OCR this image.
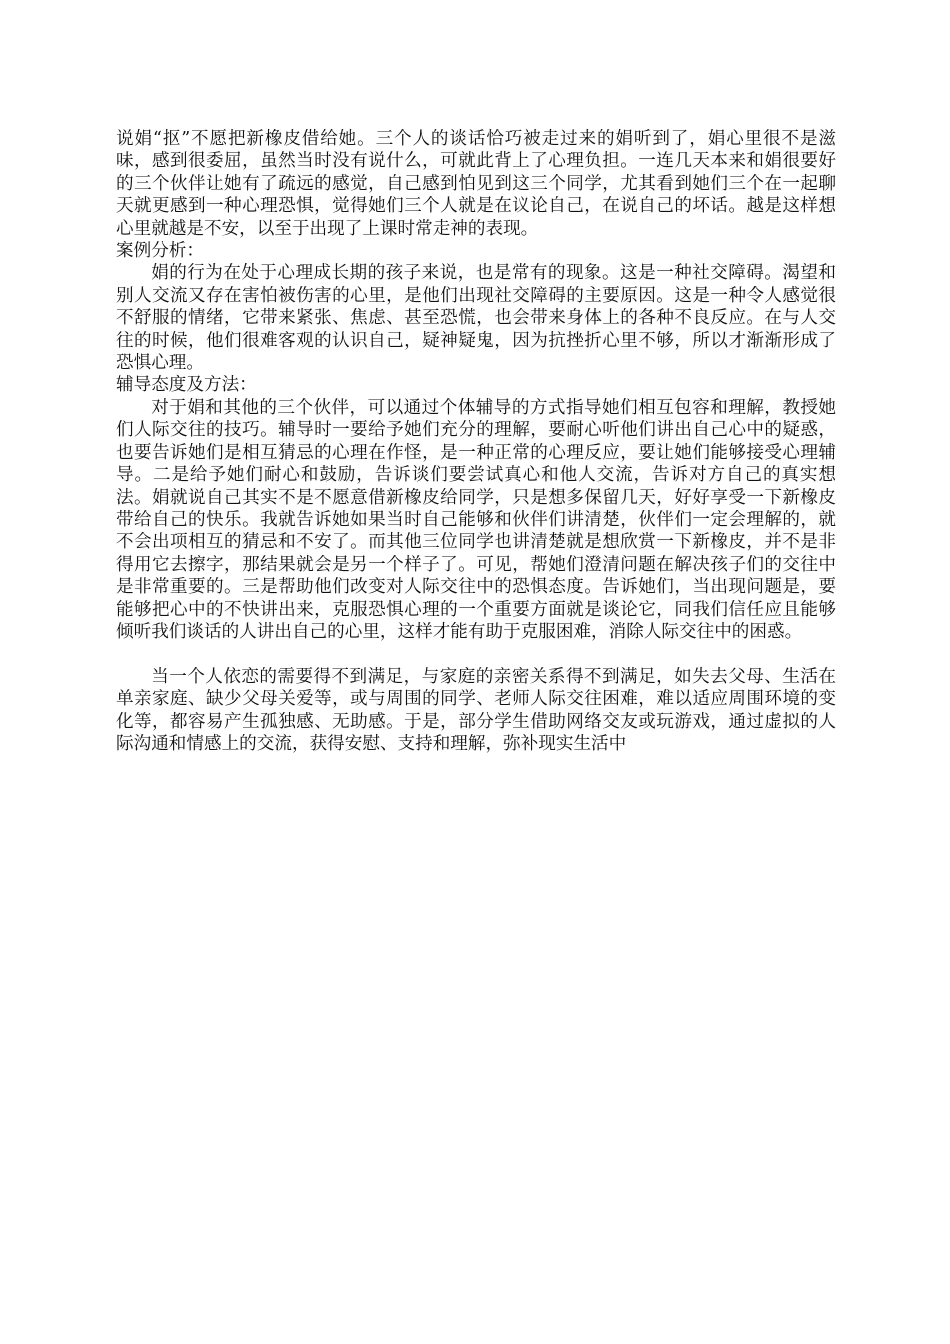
说娟“抠”不愿把新橡皮借给她。三个人的谈话恰巧被走过来的娟听到了，娟心里很不是滋味，感到很委屈，虽然当时没有说什么，可就此背上了心理负担。一连几天本来和娟很要好的三个伙伴让她有了疏远的感觉，自己感到怕见到这三个同学，尤其看到她们三个在一起聊天就更感到一种心理恐惧，觉得她们三个人就是在议论自己，在说自己的坏话。越是这样想心里就越是不安，以至于出现了上课时常走神的表现。

案例分析：

娟的行为在处于心理成长期的孩子来说，也是常有的现象。这是一种社交障碍。渴望和别人交流又存在害怕被伤害的心里，是他们出现社交障碍的主要原因。这是一种令人感觉很不舒服的情绪，它带来紧张、焦虑、甚至恐慌，也会带来身体上的各种不良反应。在与人交往的时候，他们很难客观的认识自己，疑神疑鬼，因为抗挫折心里不够，所以才渐渐形成了恐惧心理。

辅导态度及方法：

对于娟和其他的三个伙伴，可以通过个体辅导的方式指导她们相互包容和理解，教授她们人际交往的技巧。辅导时一要给予她们充分的理解，要耐心听他们讲出自己心中的疑惑，也要告诉她们是相互猜忌的心理在作怪，是一种正常的心理反应，要让她们能够接受心理辅导。二是给予她们耐心和鼓励，告诉谈们要尝试真心和他人交流，告诉对方自己的真实想法。娟就说自己其实不是不愿意借新橡皮给同学，只是想多保留几天，好好享受一下新橡皮带给自己的快乐。我就告诉她如果当时自己能够和伙伴们讲清楚，伙伴们一定会理解的，就不会出项相互的猜忌和不安了。而其他三位同学也讲清楚就是想欣赏一下新橡皮，并不是非得用它去擦字，那结果就会是另一个样子了。可见，帮她们澄清问题在解决孩子们的交往中是非常重要的。三是帮助他们改变对人际交往中的恐惧态度。告诉她们，当出现问题是，要能够把心中的不快讲出来，克服恐惧心理的一个重要方面就是谈论它，同我们信任应且能够倾听我们谈话的人讲出自己的心里，这样才能有助于克服困难，消除人际交往中的困惑。

当一个人依恋的需要得不到满足，与家庭的亲密关系得不到满足，如失去父母、生活在单亲家庭、缺少父母关爱等，或与周围的同学、老师人际交往困难，难以适应周围环境的变化等，都容易产生孤独感、无助感。于是，部分学生借助网络交友或玩游戏，通过虚拟的人际沟通和情感上的交流，获得安慰、支持和理解，弥补现实生活中
